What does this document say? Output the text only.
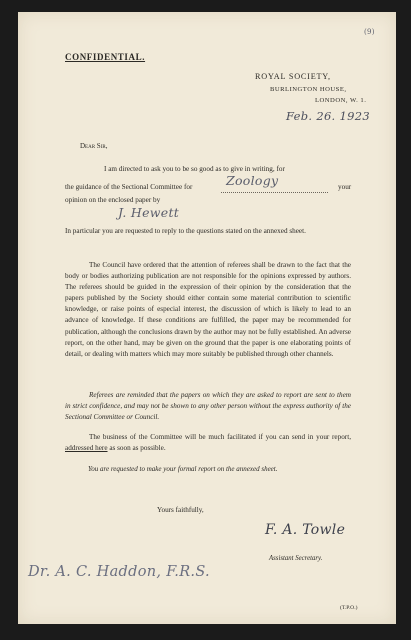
(9)
CONFIDENTIAL.
ROYAL SOCIETY,
BURLINGTON HOUSE,
LONDON, W. 1.
Feb. 26. 1923
Dear Sir,
I am directed to ask you to be so good as to give in writing, for
the guidance of the Sectional Committee for	Zoology	your
opinion on the enclosed paper by
J. Hewett
In particular you are requested to reply to the questions stated on the annexed sheet.

The Council have ordered that the attention of referees shall be drawn to the fact that the body or bodies authorizing publication are not responsible for the opinions expressed by authors. The referees should be guided in the expression of their opinion by the consideration that the papers published by the Society should either contain some material contribution to scientific knowledge, or raise points of especial interest, the discussion of which is likely to lead to an advance of knowledge. If these conditions are fulfilled, the paper may be recommended for publication, although the conclusions drawn by the author may not be fully established. An adverse report, on the other hand, may be given on the ground that the paper is one elaborating points of detail, or dealing with matters which may more suitably be published through other channels.

Referees are reminded that the papers on which they are asked to report are sent to them in strict confidence, and may not be shown to any other person without the express authority of the Sectional Committee or Council.

The business of the Committee will be much facilitated if you can send in your report, addressed here as soon as possible.
You are requested to make your formal report on the annexed sheet.
Yours faithfully,
F. A. Towle
Assistant Secretary.
Dr. A. C. Haddon, F.R.S.
(T.P.O.)
